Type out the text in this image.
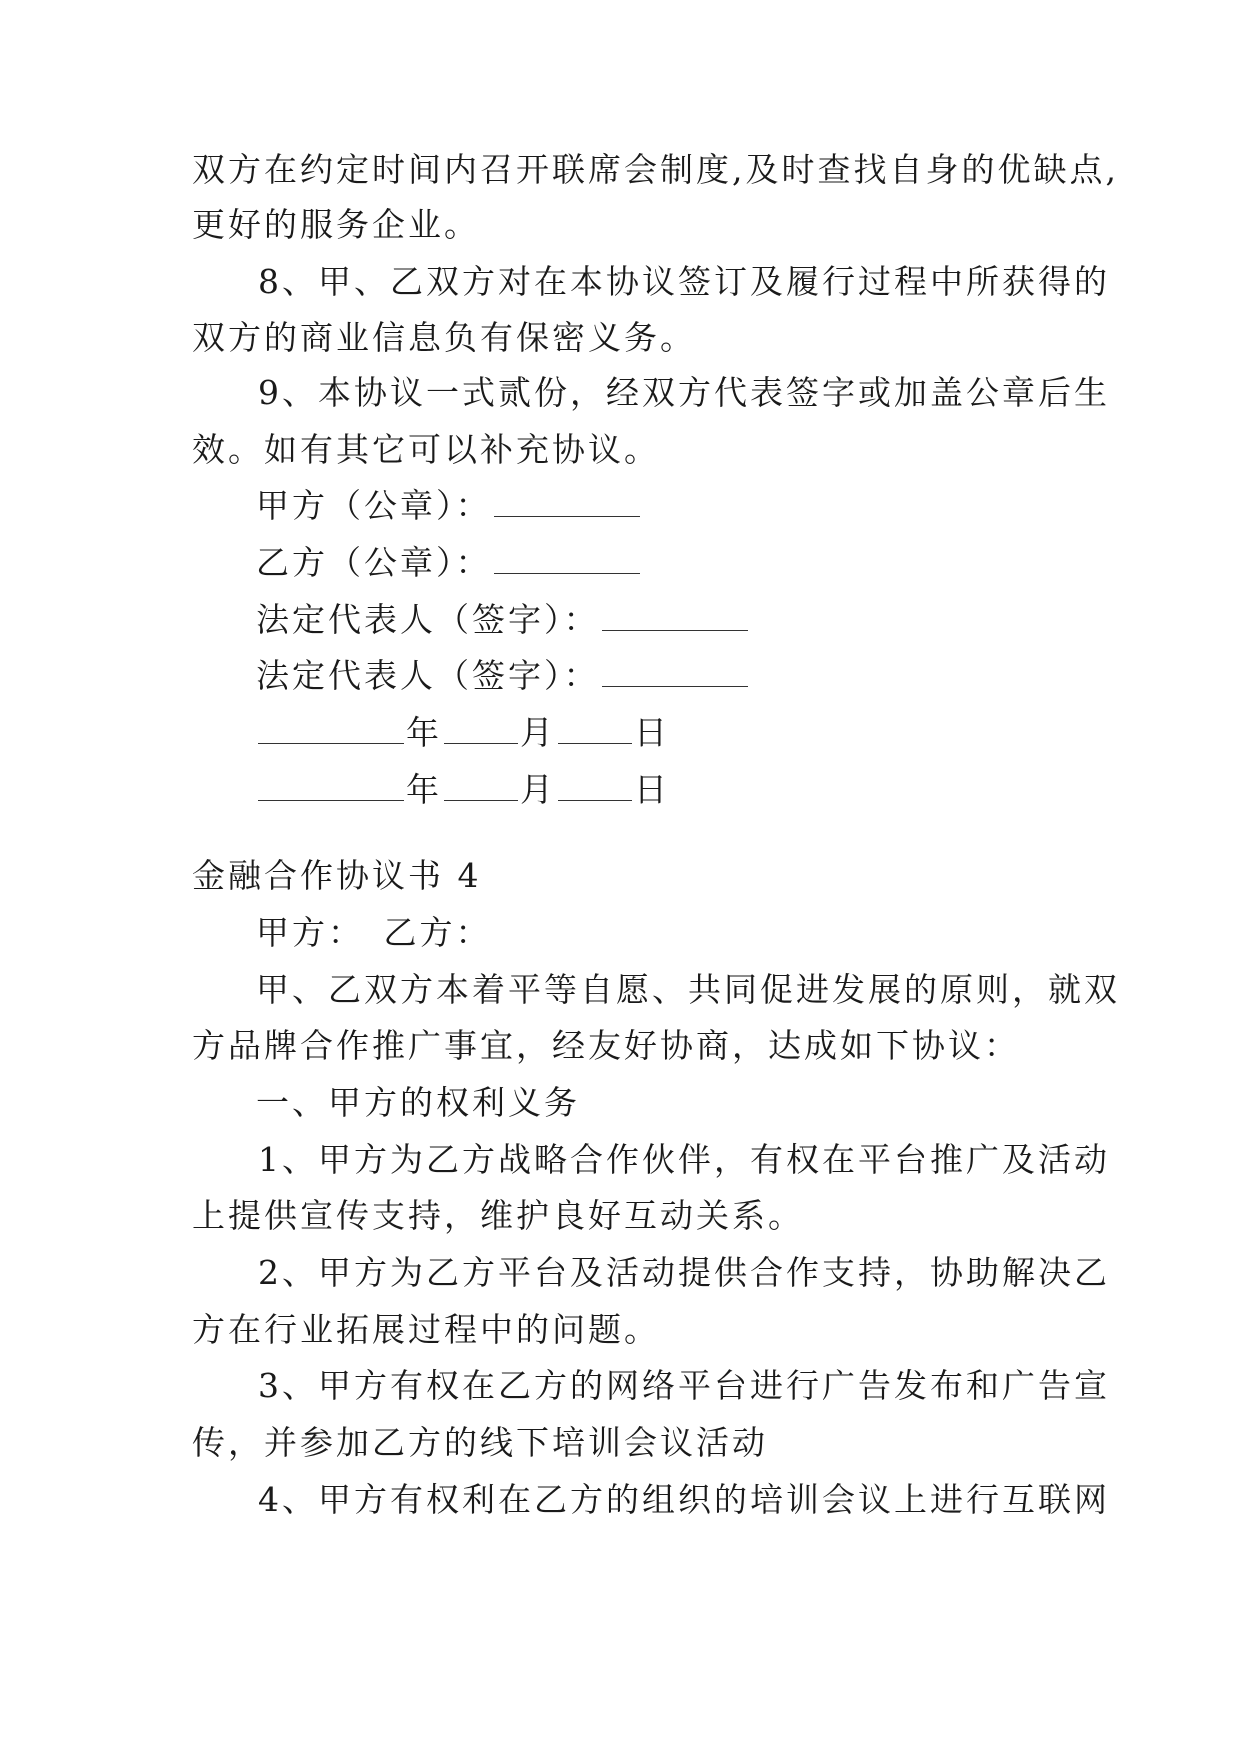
双方在约定时间内召开联席会制度,及时查找自身的优缺点,
更好的服务企业。
8、甲、乙双方对在本协议签订及履行过程中所获得的
双方的商业信息负有保密义务。
9、本协议一式贰份，经双方代表签字或加盖公章后生
效。如有其它可以补充协议。
甲方（公章）：
乙方（公章）：
法定代表人（签字）：
法定代表人（签字）：
年 月 日
年 月 日
金融合作协议书 4
甲方：　乙方：
甲、乙双方本着平等自愿、共同促进发展的原则，就双
方品牌合作推广事宜，经友好协商，达成如下协议：
一、甲方的权利义务
1、甲方为乙方战略合作伙伴，有权在平台推广及活动
上提供宣传支持，维护良好互动关系。
2、甲方为乙方平台及活动提供合作支持，协助解决乙
方在行业拓展过程中的问题。
3、甲方有权在乙方的网络平台进行广告发布和广告宣
传，并参加乙方的线下培训会议活动
4、甲方有权利在乙方的组织的培训会议上进行互联网
